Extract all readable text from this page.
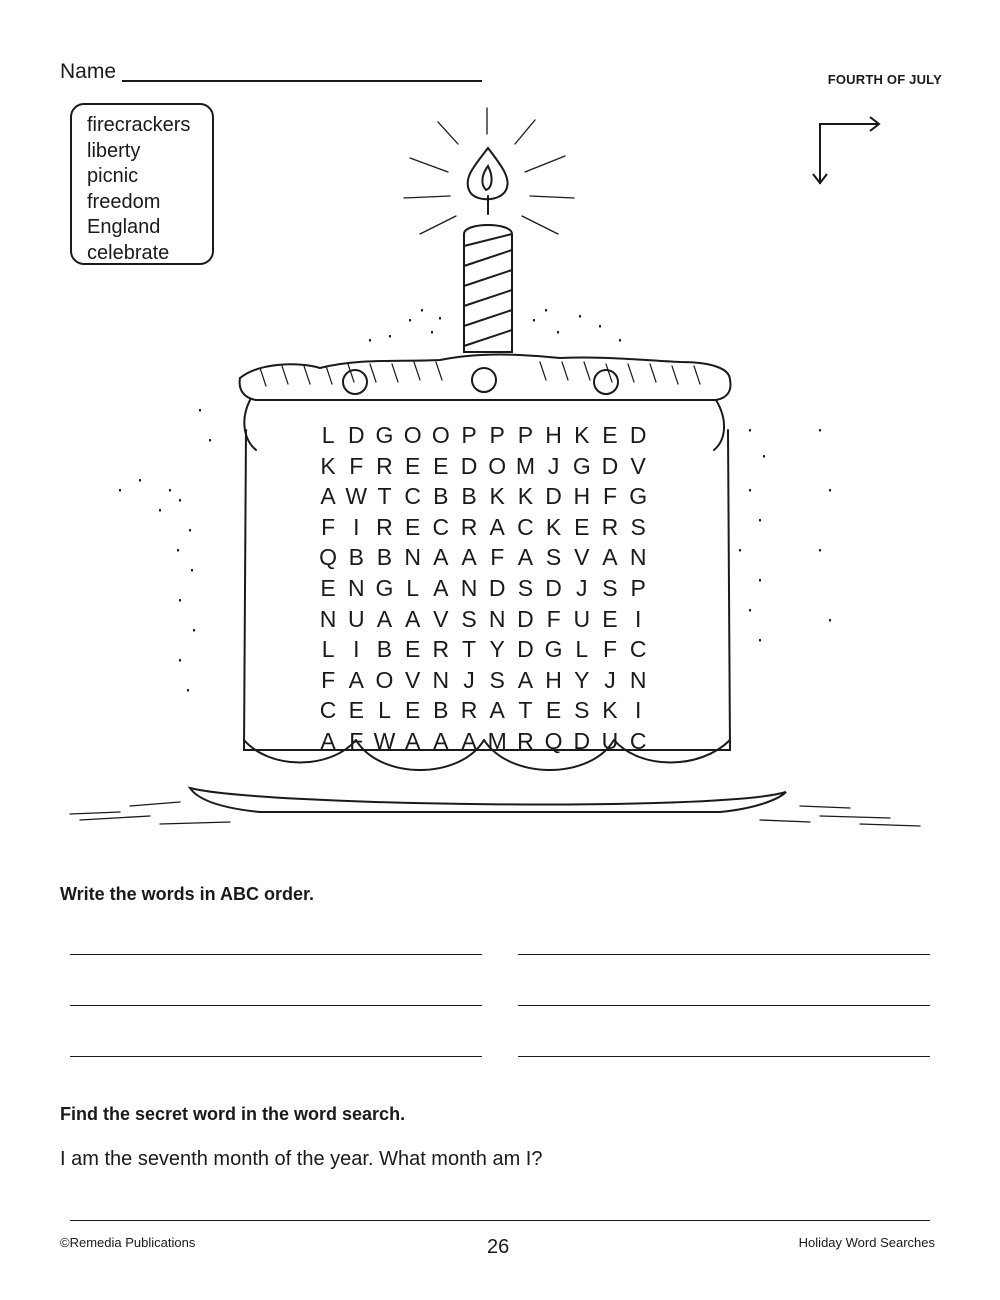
Name	FOURTH OF JULY
firecrackers
liberty
picnic
freedom
England
celebrate
L D G O O P P P H K E D
K F R E E D O M J G D V
A W T C B B K K D H F G
F I R E C R A C K E R S
Q B B N A A F A S V A N
E N G L A N D S D J S P
N U A A V S N D F U E I
L I B E R T Y D G L F C
F A O V N J S A H Y J N
C E L E B R A T E S K I
A F W A A A M R Q D U C
Write the words in ABC order.
Find the secret word in the word search.
I am the seventh month of the year. What month am I?
©Remedia Publications	26	Holiday Word Searches
